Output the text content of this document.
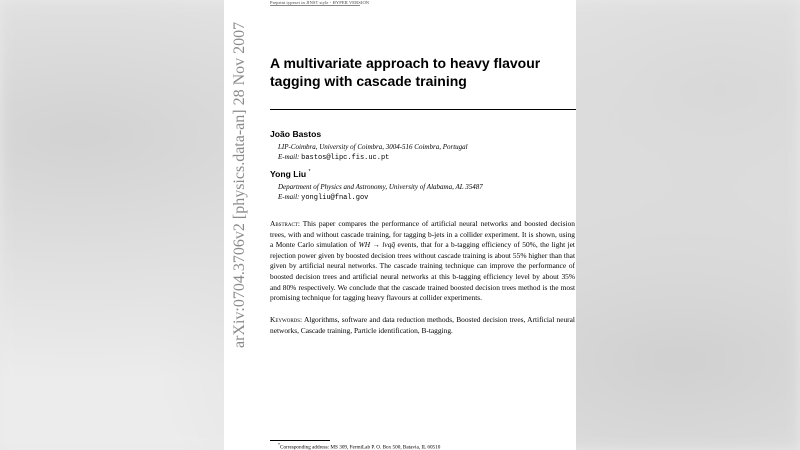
Preprint typeset in JINST style - HYPER VERSION
arXiv:0704.3706v2 [physics.data-an] 28 Nov 2007 A multivariate approach to heavy flavour tagging with cascade training
João Bastos
LIP-Coimbra, University of Coimbra, 3004-516 Coimbra, Portugal
E-mail: bastos@lipc.fis.uc.pt
Yong Liu *
Department of Physics and Astronomy, University of Alabama, AL 35487
E-mail: yongliu@fnal.gov

Abstract: This paper compares the performance of artificial neural networks and boosted decision trees, with and without cascade training, for tagging b-jets in a collider experiment. It is shown, using a Monte Carlo simulation of WH → lνqq̄ events, that for a b-tagging efficiency of 50%, the light jet rejection power given by boosted decision trees without cascade training is about 55% higher than that given by artificial neural networks. The cascade training technique can improve the performance of boosted decision trees and artificial neural networks at this b-tagging efficiency level by about 35% and 80% respectively. We conclude that the cascade trained boosted decision trees method is the most promising technique for tagging heavy flavours at collider experiments.

Keywords: Algorithms, software and data reduction methods, Boosted decision trees, Artificial neural networks, Cascade training, Particle identification, B-tagging.

*Corresponding address: MS 309, FermiLab P. O. Box 500, Batavia, IL 60510
